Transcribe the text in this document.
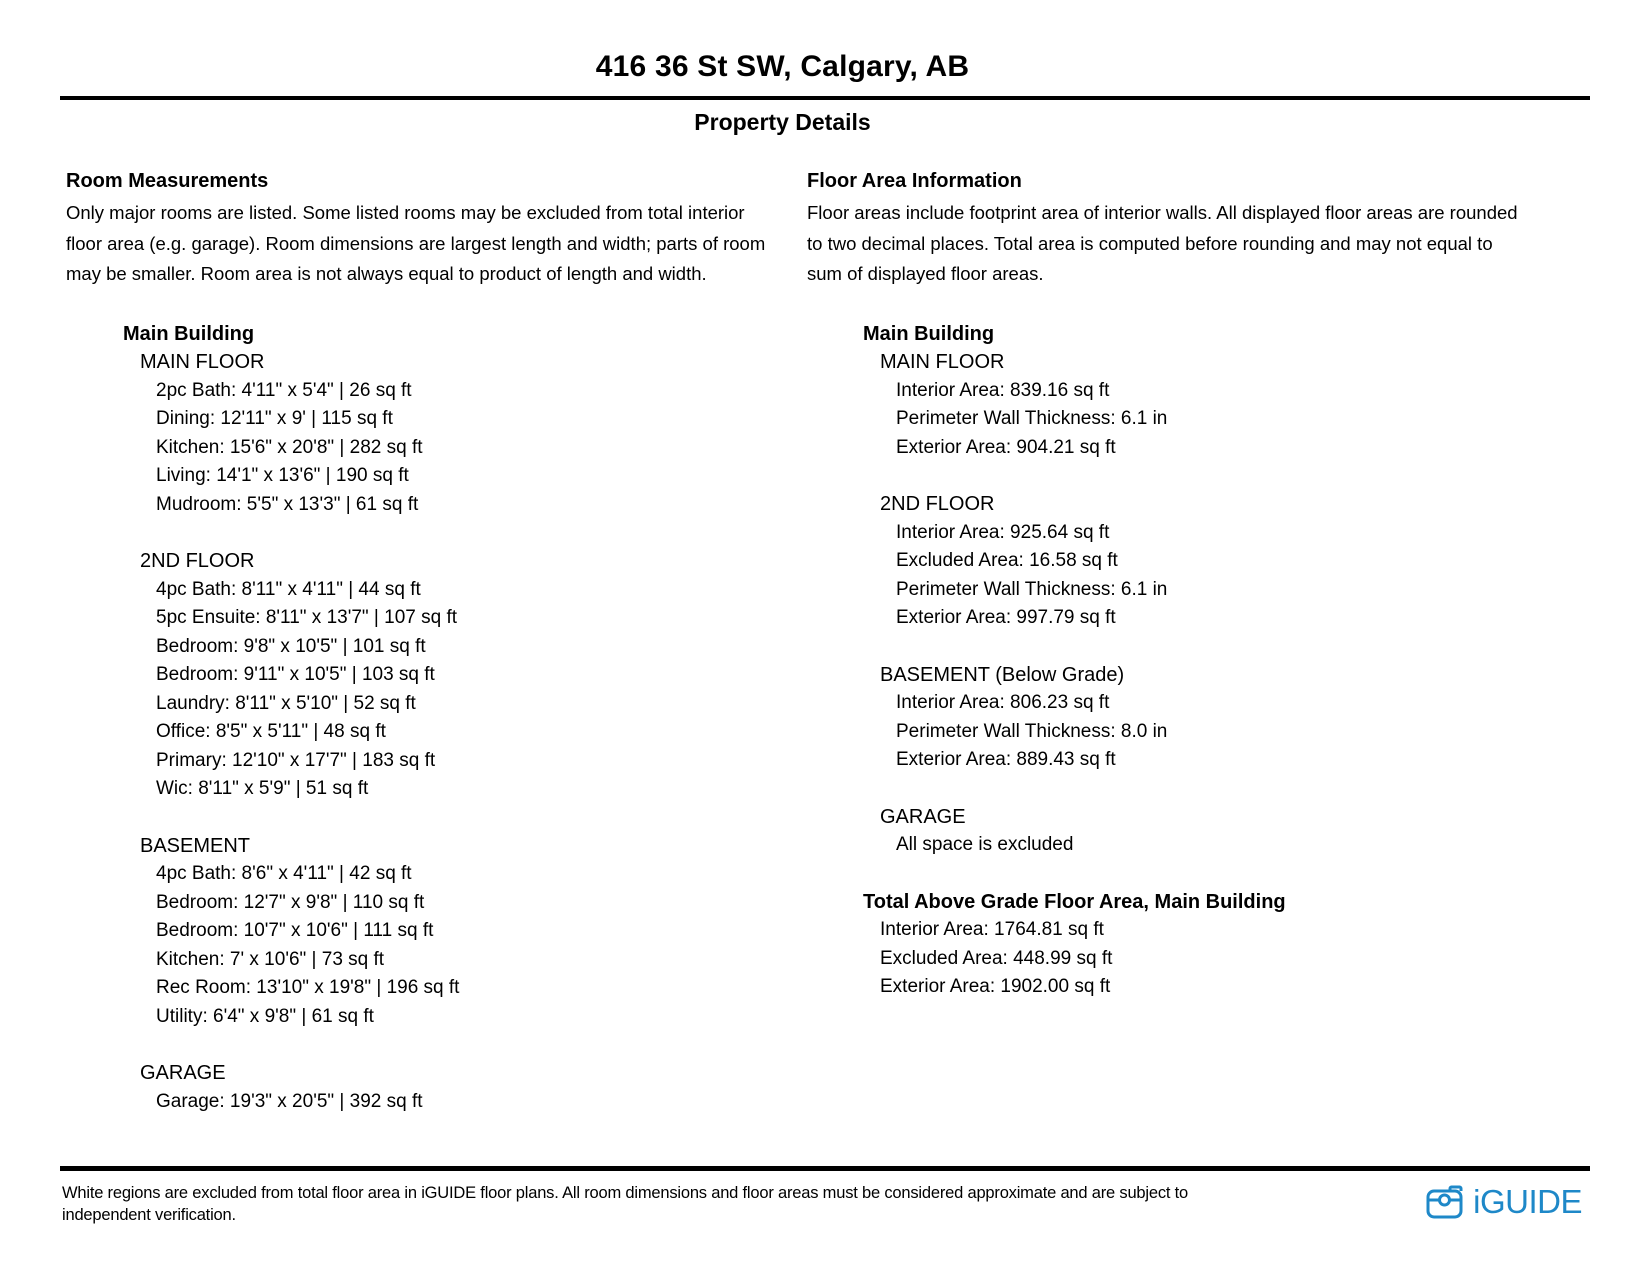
416 36 St SW, Calgary, AB
Property Details
Room Measurements

Only major rooms are listed. Some listed rooms may be excluded from total interior floor area (e.g. garage). Room dimensions are largest length and width; parts of room may be smaller. Room area is not always equal to product of length and width.

Main Building
MAIN FLOOR
2pc Bath: 4'11" x 5'4" | 26 sq ft
Dining: 12'11" x 9' | 115 sq ft
Kitchen: 15'6" x 20'8" | 282 sq ft
Living: 14'1" x 13'6" | 190 sq ft
Mudroom: 5'5" x 13'3" | 61 sq ft
2ND FLOOR
4pc Bath: 8'11" x 4'11" | 44 sq ft
5pc Ensuite: 8'11" x 13'7" | 107 sq ft
Bedroom: 9'8" x 10'5" | 101 sq ft
Bedroom: 9'11" x 10'5" | 103 sq ft
Laundry: 8'11" x 5'10" | 52 sq ft
Office: 8'5" x 5'11" | 48 sq ft
Primary: 12'10" x 17'7" | 183 sq ft
Wic: 8'11" x 5'9" | 51 sq ft
BASEMENT
4pc Bath: 8'6" x 4'11" | 42 sq ft
Bedroom: 12'7" x 9'8" | 110 sq ft
Bedroom: 10'7" x 10'6" | 111 sq ft
Kitchen: 7' x 10'6" | 73 sq ft
Rec Room: 13'10" x 19'8" | 196 sq ft
Utility: 6'4" x 9'8" | 61 sq ft
GARAGE
Garage: 19'3" x 20'5" | 392 sq ft
Floor Area Information

Floor areas include footprint area of interior walls. All displayed floor areas are rounded to two decimal places. Total area is computed before rounding and may not equal to sum of displayed floor areas.

Main Building
MAIN FLOOR
Interior Area: 839.16 sq ft
Perimeter Wall Thickness: 6.1 in
Exterior Area: 904.21 sq ft
2ND FLOOR
Interior Area: 925.64 sq ft
Excluded Area: 16.58 sq ft
Perimeter Wall Thickness: 6.1 in
Exterior Area: 997.79 sq ft
BASEMENT (Below Grade)
Interior Area: 806.23 sq ft
Perimeter Wall Thickness: 8.0 in
Exterior Area: 889.43 sq ft
GARAGE
All space is excluded
Total Above Grade Floor Area, Main Building
Interior Area: 1764.81 sq ft
Excluded Area: 448.99 sq ft
Exterior Area: 1902.00 sq ft

White regions are excluded from total floor area in iGUIDE floor plans. All room dimensions and floor areas must be considered approximate and are subject to independent verification.	iGUIDE
